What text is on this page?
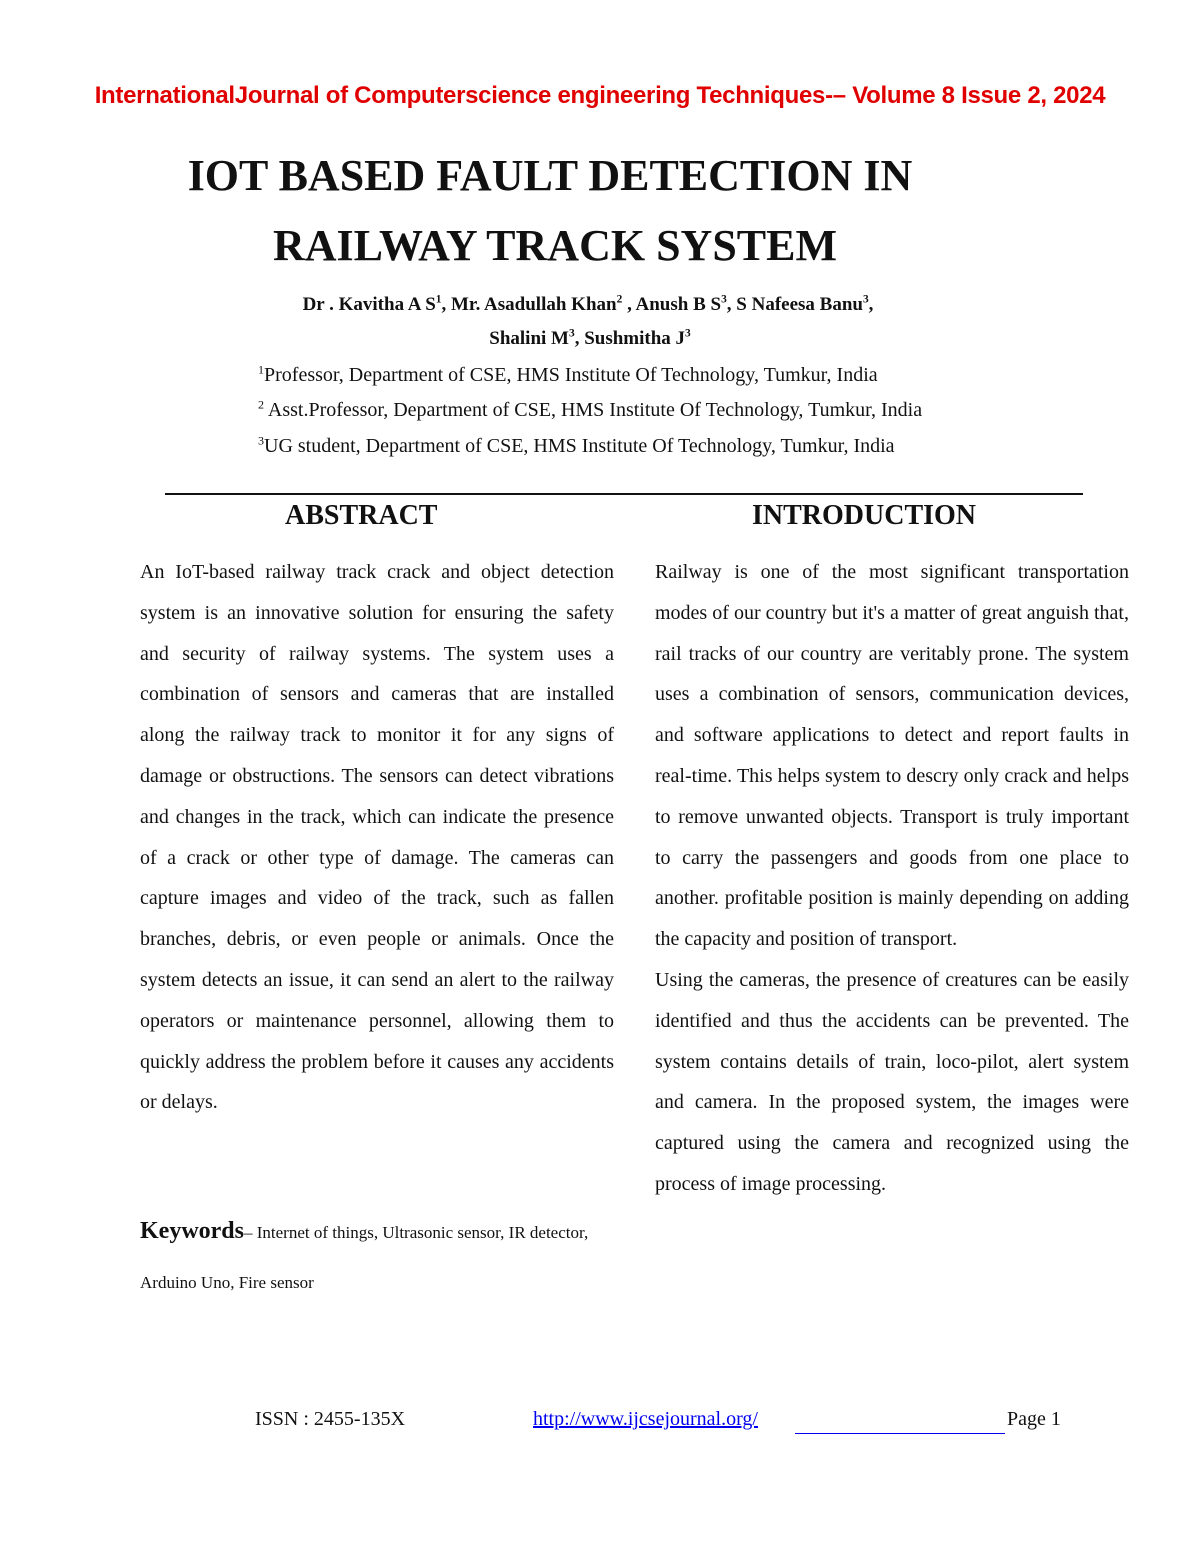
InternationalJournal of Computerscience engineering Techniques-– Volume 8 Issue 2, 2024
IOT BASED FAULT DETECTION IN
RAILWAY TRACK SYSTEM
Dr . Kavitha A $S^1$, Mr. Asadullah Khan$^2$ , Anush B $S^3$, S Nafeesa Banu$^3$,
Shalini $M^3$, Sushmitha $J^3$
$^1$Professor, Department of CSE, HMS Institute Of Technology, Tumkur, India
$^2$ Asst.Professor, Department of CSE, HMS Institute Of Technology, Tumkur, India
$^3$UG student, Department of CSE, HMS Institute Of Technology, Tumkur, India
ABSTRACT	INTRODUCTION

An IoT-based railway track crack and object detection system is an innovative solution for ensuring the safety and security of railway systems. The system uses a combination of sensors and cameras that are installed along the railway track to monitor it for any signs of damage or obstructions. The sensors can detect vibrations and changes in the track, which can indicate the presence of a crack or other type of damage. The cameras can capture images and video of the track, such as fallen branches, debris, or even people or animals. Once the system detects an issue, it can send an alert to the railway operators or maintenance personnel, allowing them to quickly address the problem before it causes any accidents or delays.

Keywords– Internet of things, Ultrasonic sensor, IR detector, Arduino Uno, Fire sensor

Railway is one of the most significant transportation modes of our country but it's a matter of great anguish that, rail tracks of our country are veritably prone. The system uses a combination of sensors, communication devices, and software applications to detect and report faults in real-time. This helps system to descry only crack and helps to remove unwanted objects. Transport is truly important to carry the passengers and goods from one place to another. profitable position is mainly depending on adding the capacity and position of transport.

Using the cameras, the presence of creatures can be easily identified and thus the accidents can be prevented. The system contains details of train, loco-pilot, alert system and camera. In the proposed system, the images were captured using the camera and recognized using the process of image processing.

ISSN : 2455-135X	http://www.ijcsejournal.org/	Page 1
